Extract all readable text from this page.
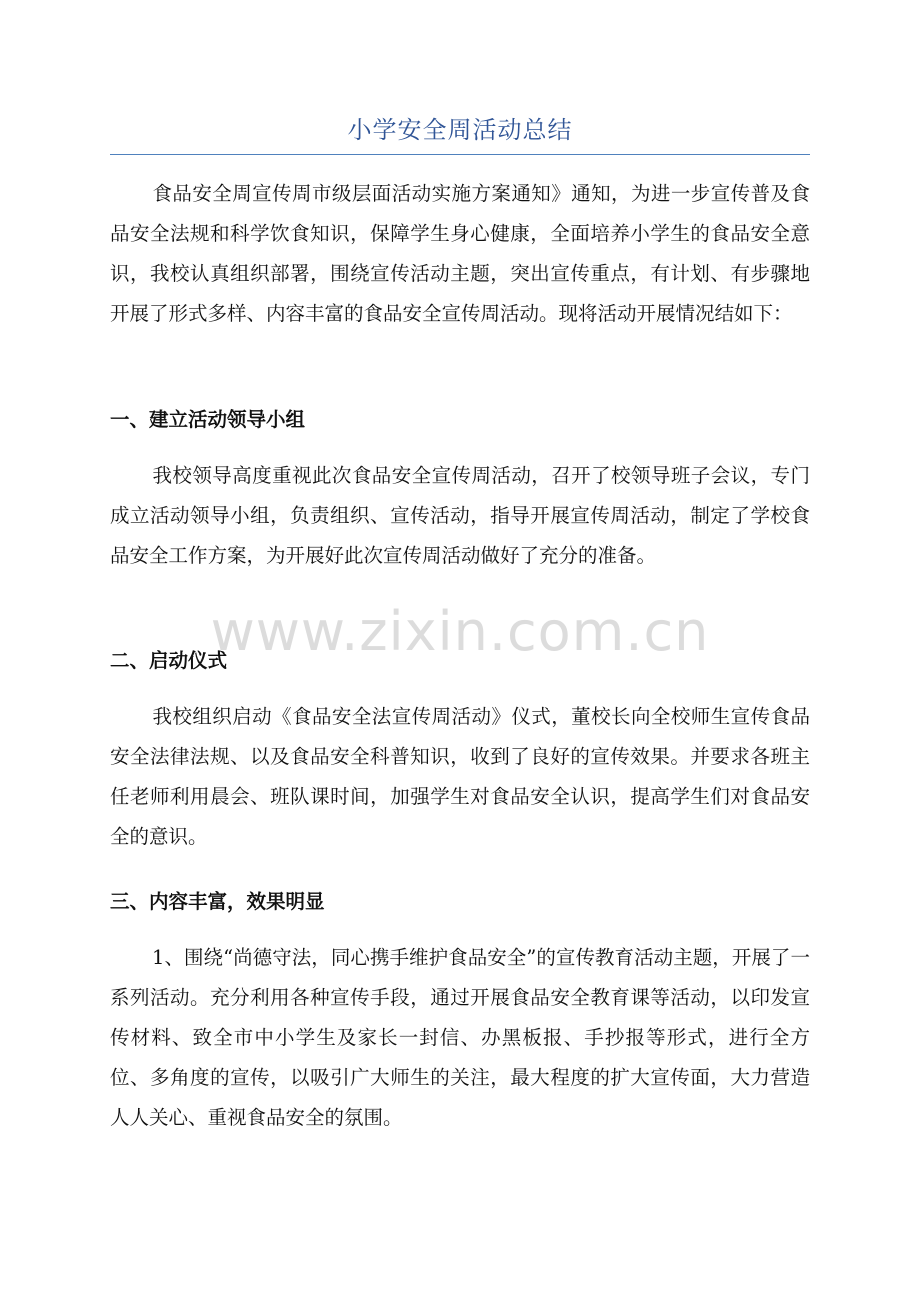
小学安全周活动总结

食品安全周宣传周市级层面活动实施方案通知》通知，为进一步宣传普及食品安全法规和科学饮食知识，保障学生身心健康，全面培养小学生的食品安全意识，我校认真组织部署，围绕宣传活动主题，突出宣传重点，有计划、有步骤地开展了形式多样、内容丰富的食品安全宣传周活动。现将活动开展情况结如下：

一、建立活动领导小组

我校领导高度重视此次食品安全宣传周活动，召开了校领导班子会议，专门成立活动领导小组，负责组织、宣传活动，指导开展宣传周活动，制定了学校食品安全工作方案，为开展好此次宣传周活动做好了充分的准备。

www.zixin.com.cn
二、启动仪式

我校组织启动《食品安全法宣传周活动》仪式，董校长向全校师生宣传食品安全法律法规、以及食品安全科普知识，收到了良好的宣传效果。并要求各班主任老师利用晨会、班队课时间，加强学生对食品安全认识，提高学生们对食品安全的意识。

三、内容丰富，效果明显

1、围绕“尚德守法，同心携手维护食品安全”的宣传教育活动主题，开展了一系列活动。充分利用各种宣传手段，通过开展食品安全教育课等活动，以印发宣传材料、致全市中小学生及家长一封信、办黑板报、手抄报等形式，进行全方位、多角度的宣传，以吸引广大师生的关注，最大程度的扩大宣传面，大力营造人人关心、重视食品安全的氛围。
